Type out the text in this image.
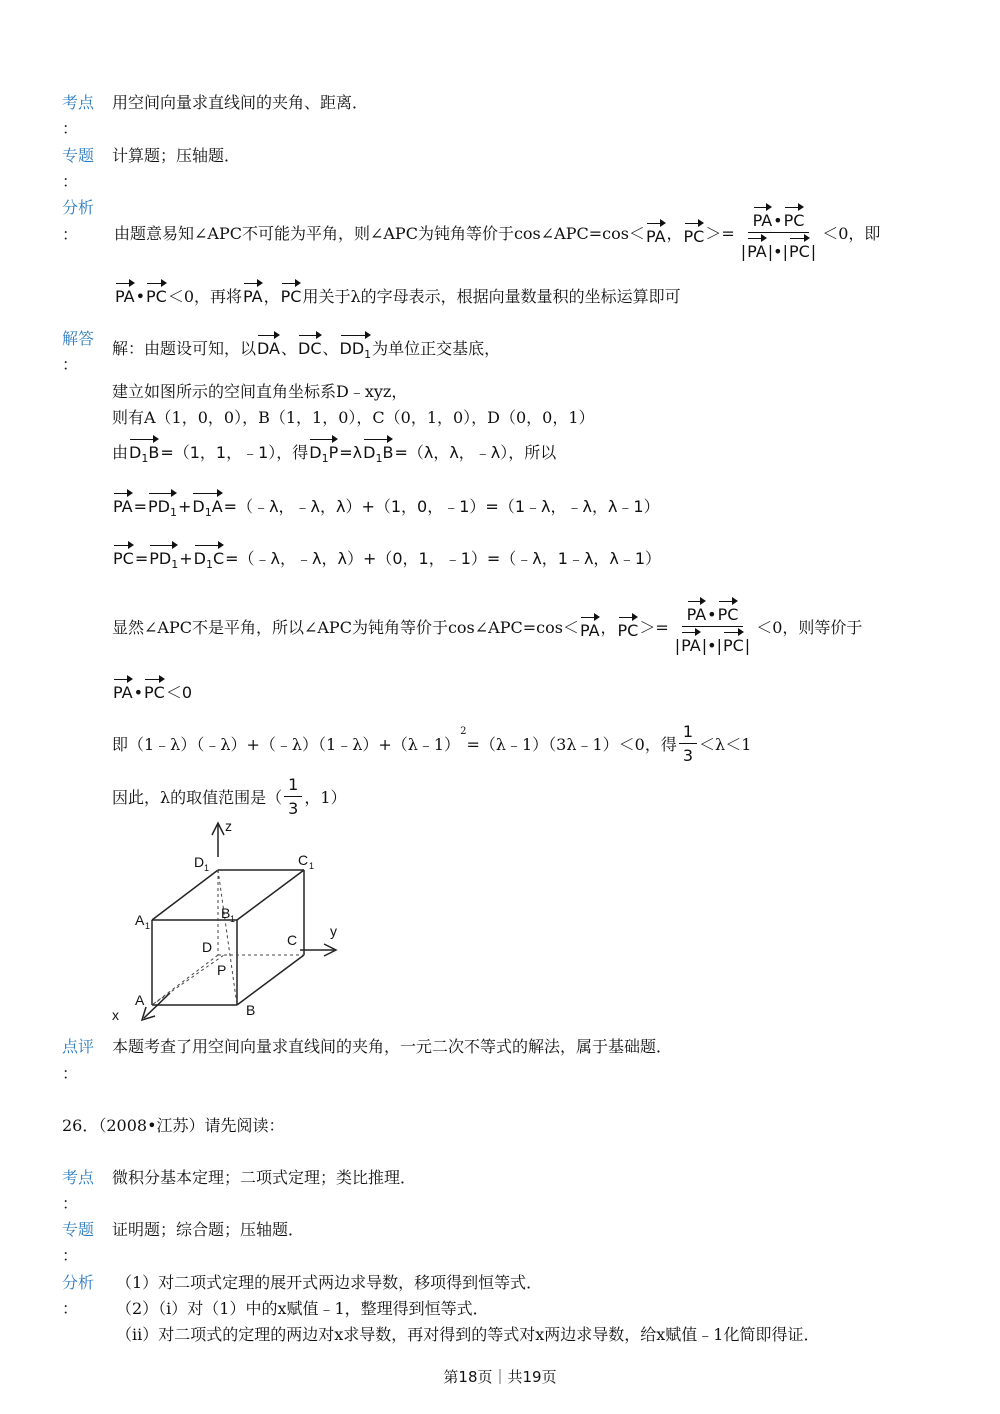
考点
：
用空间向量求直线间的夹角、距离．
专题
：
计算题；压轴题．
分析
： 由题意易知∠APC不可能为平角，则∠APC为钝角等价于cos∠APC=cos＜ PA ， PC ＞= $\frac{PA•PC}{|PA|•|PC|} <0$，即
PA•PC＜0，再将PA，PC用关于λ的字母表示，根据向量数量积的坐标运算即可
解答
：
解：由题设可知，以DA、DC、$DD_1$为单位正交基底，
建立如图所示的空间直角坐标系D﹣xyz，
则有A（1，0，0），B（1，1，0），C（0，1，0），D（0，0，1）
由$D_1B=(1$，1，﹣1），得$D_1P=\lambda D_1B=(\lambda$，λ，﹣λ），所以
$PA=PD_1+D_1A=(﹣\lambda$，﹣λ，λ）+（1，0，﹣1）=（1﹣λ，﹣λ，λ﹣1）
$PC=PD_1+D_1C=(﹣\lambda$，﹣λ，λ）+（0，1，﹣1）=（﹣λ，1﹣λ，λ﹣1）
显然∠APC不是平角，所以∠APC为钝角等价于cos∠APC=cos＜ PA ， PC ＞= $\frac{PA•PC}{|PA|•|PC|} <0$，则等价于
PA•PC＜0
即（1﹣λ）（﹣λ）+（﹣λ）（1﹣λ）+（λ﹣1）
$^2$
=（λ﹣1）（3λ﹣1）＜0，得 $\frac{1}{3} <\lambda<1$
因此，λ的取值范围是（ $\frac{1}{3}$ ，1）
z
y
x
D 1	C 1
A 1
B 1
D	C
P
A
B
点评
：
本题考查了用空间向量求直线间的夹角，一元二次不等式的解法，属于基础题．
26．（2008•江苏）请先阅读：
考点
：
微积分基本定理；二项式定理；类比推理．
专题
：
证明题；综合题；压轴题．
分析
：
（1）对二项式定理的展开式两边求导数，移项得到恒等式．
（2）（i）对（1）中的x赋值﹣1，整理得到恒等式．
（ii）对二项式的定理的两边对x求导数，再对得到的等式对x两边求导数，给x赋值﹣1化简即得证．
第18页｜共19页
